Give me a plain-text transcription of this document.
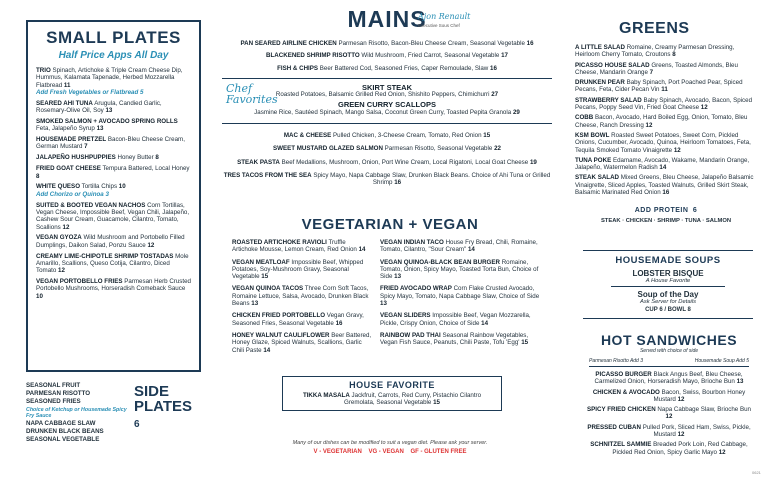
SMALL PLATES
Half Price Apps All Day
TRIO Spinach, Artichoke & Triple Cream Cheese Dip, Hummus, Kalamata Tapenade, Herbed Mozzarella Flatbread 11
Add Fresh Vegetables or Flatbread 5
SEARED AHI TUNA Arugula, Candied Garlic, Rosemary-Olive Oil, Soy 13
SMOKED SALMON + AVOCADO SPRING ROLLS Feta, Jalapeño Syrup 13
HOUSEMADE PRETZEL Bacon-Bleu Cheese Cream, German Mustard 7
JALAPEÑO HUSHPUPPIES Honey Butter 8
FRIED GOAT CHEESE Tempura Battered, Local Honey 8
WHITE QUESO Tortilla Chips 10
Add Chorizo or Quinoa 3
SUITED & BOOTED VEGAN NACHOS Corn Tortillas, Vegan Cheese, Impossible Beef, Vegan Chili, Jalapeño, Cashew Sour Cream, Guacamole, Cilantro, Tomato, Scallions 12
VEGAN GYOZA Wild Mushroom and Portobello Filled Dumplings, Daikon Salad, Ponzu Sauce 12
CREAMY LIME-CHIPOTLE SHRIMP TOSTADAS Mole Amarillo, Scallions, Queso Cotija, Cilantro, Diced Tomato 12
VEGAN PORTOBELLO FRIES Parmesan Herb Crusted Portobello Mushrooms, Horseradish Comeback Sauce 10
SEASONAL FRUIT
PARMESAN RISOTTO
SEASONED FRIES
Choice of Ketchup or Housemade Spicy Fry Sauce
NAPA CABBAGE SLAW
DRUNKEN BLACK BEANS
SEASONAL VEGETABLE
SIDE PLATES
6
MAINS
Ajon Renault
Executive Sous Chef
PAN SEARED AIRLINE CHICKEN Parmesan Risotto, Bacon-Bleu Cheese Cream, Seasonal Vegetable 16
BLACKENED SHRIMP RISOTTO Wild Mushroom, Fried Carrot, Seasonal Vegetable 17
FISH & CHIPS Beer Battered Cod, Seasoned Fries, Caper Remoulade, Slaw 16
Chef Favorites
SKIRT STEAK
Roasted Potatoes, Balsamic Grilled Red Onion, Shishito Peppers, Chimichurri 27
GREEN CURRY SCALLOPS
Jasmine Rice, Sautéed Spinach, Mango Salsa, Coconut Green Curry, Toasted Pepita Granola 29
MAC & CHEESE Pulled Chicken, 3-Cheese Cream, Tomato, Red Onion 15
SWEET MUSTARD GLAZED SALMON Parmesan Risotto, Seasonal Vegetable 22
STEAK PASTA Beef Medallions, Mushroom, Onion, Port Wine Cream, Local Rigatoni, Local Goat Cheese 19
TRES TACOS FROM THE SEA Spicy Mayo, Napa Cabbage Slaw, Drunken Black Beans. Choice of Ahi Tuna or Grilled Shrimp 16
VEGETARIAN + VEGAN
ROASTED ARTICHOKE RAVIOLI Truffle Artichoke Mousse, Lemon Cream, Red Onion 14
VEGAN MEATLOAF Impossible Beef, Whipped Potatoes, Soy-Mushroom Gravy, Seasonal Vegetable 15
VEGAN QUINOA TACOS Three Corn Soft Tacos, Romaine Lettuce, Salsa, Avocado, Drunken Black Beans 13
CHICKEN FRIED PORTOBELLO Vegan Gravy, Seasoned Fries, Seasonal Vegetable 16
HONEY WALNUT CAULIFLOWER Beer Battered, Honey Glaze, Spiced Walnuts, Scallions, Garlic Chili Paste 14
VEGAN INDIAN TACO House Fry Bread, Chili, Romaine, Tomato, Cilantro, "Sour Cream" 14
VEGAN QUINOA-BLACK BEAN BURGER Romaine, Tomato, Onion, Spicy Mayo, Toasted Torta Bun, Choice of Side 13
FRIED AVOCADO WRAP Corn Flake Crusted Avocado, Spicy Mayo, Tomato, Napa Cabbage Slaw, Choice of Side 13
VEGAN SLIDERS Impossible Beef, Vegan Mozzarella, Pickle, Crispy Onion, Choice of Side 14
RAINBOW PAD THAI Seasonal Rainbow Vegetables, Vegan Fish Sauce, Peanuts, Chili Paste, Tofu 'Egg' 15
HOUSE FAVORITE
TIKKA MASALA Jackfruit, Carrots, Red Curry, Pistachio Cilantro Gremolata, Seasonal Vegetable 15
Many of our dishes can be modified to suit a vegan diet. Please ask your server.
V - VEGETARIAN    VG - VEGAN    GF - GLUTEN FREE
GREENS
A LITTLE SALAD Romaine, Creamy Parmesan Dressing, Heirloom Cherry Tomato, Croutons 8
PICASSO HOUSE SALAD Greens, Toasted Almonds, Bleu Cheese, Mandarin Orange 7
DRUNKEN PEAR Baby Spinach, Port Poached Pear, Spiced Pecans, Feta, Cider Pecan Vin 11
STRAWBERRY SALAD Baby Spinach, Avocado, Bacon, Spiced Pecans, Poppy Seed Vin, Fried Goat Cheese 12
COBB Bacon, Avocado, Hard Boiled Egg, Onion, Tomato, Bleu Cheese, Ranch Dressing 12
KSM BOWL Roasted Sweet Potatoes, Sweet Corn, Pickled Onions, Cucumber, Avocado, Quinoa, Heirloom Tomatoes, Feta, Tequila Smoked Tomato Vinaigrette 12
TUNA POKE Edamame, Avocado, Wakame, Mandarin Orange, Jalapeño, Watermelon Radish 14
STEAK SALAD Mixed Greens, Bleu Cheese, Jalapeño Balsamic Vinaigrette, Sliced Apples, Toasted Walnuts, Grilled Skirt Steak, Balsamic Marinated Red Onion 16
ADD PROTEIN 6
STEAK · CHICKEN · SHRIMP · TUNA · SALMON
HOUSEMADE SOUPS
LOBSTER BISQUE
A House Favorite
Soup of the Day
Ask Server for Details
CUP 6 / BOWL 8
HOT SANDWICHES
Served with choice of side
Parmesan Risotto Add 3	Housemade Soup Add 5
PICASSO BURGER Black Angus Beef, Bleu Cheese, Carmelized Onion, Horseradish Mayo, Brioche Bun 13
CHICKEN & AVOCADO Bacon, Swiss, Bourbon Honey Mustard 12
SPICY FRIED CHICKEN Napa Cabbage Slaw, Brioche Bun 12
PRESSED CUBAN Pulled Pork, Sliced Ham, Swiss, Pickle, Mustard 12
SCHNITZEL SAMMIE Breaded Pork Loin, Red Cabbage, Pickled Red Onion, Spicy Garlic Mayo 12
0621
